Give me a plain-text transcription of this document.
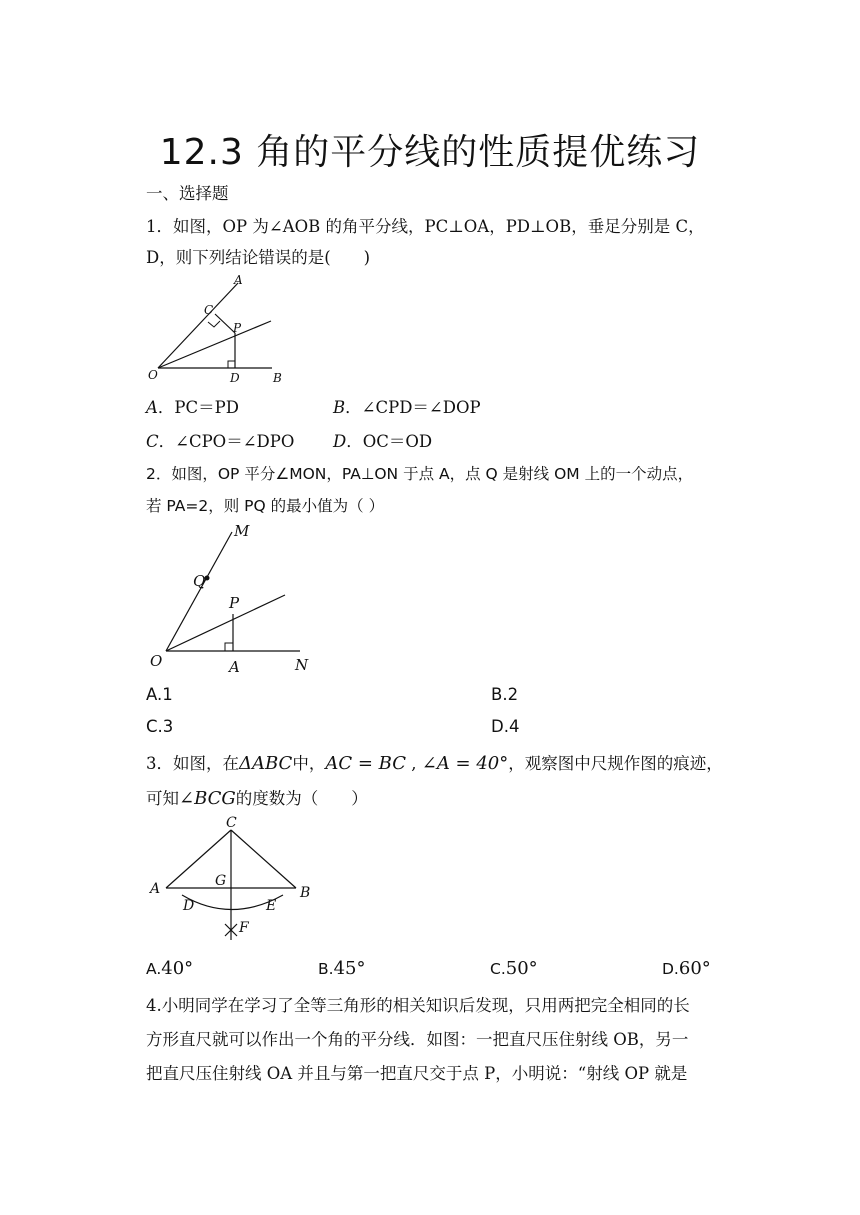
12.3 角的平分线的性质提优练习
一、选择题
1．如图，OP 为∠AOB 的角平分线，PC⊥OA，PD⊥OB，垂足分别是 C，
D，则下列结论错误的是(　　)
A
C
P
O	D	B
A．PC＝PD	B．∠CPD＝∠DOP
C．∠CPO＝∠DPO D．OC＝OD
2．如图，OP 平分∠MON，PA⊥ON 于点 A，点 Q 是射线 OM 上的一个动点，
若 PA=2，则 PQ 的最小值为（ ）
M
Q
P
O	A	N
A.1	B.2
C.3	D.4
3．如图，在ΔABC中，AC = BC , ∠A = 40°，观察图中尺规作图的痕迹，
可知∠BCG的度数为（　　）
C
A	B
G
D	E
F
A.40°	B.45°	C.50°	D.60°
4.小明同学在学习了全等三角形的相关知识后发现，只用两把完全相同的长
方形直尺就可以作出一个角的平分线．如图：一把直尺压住射线 OB，另一
把直尺压住射线 OA 并且与第一把直尺交于点 P，小明说：“射线 OP 就是
